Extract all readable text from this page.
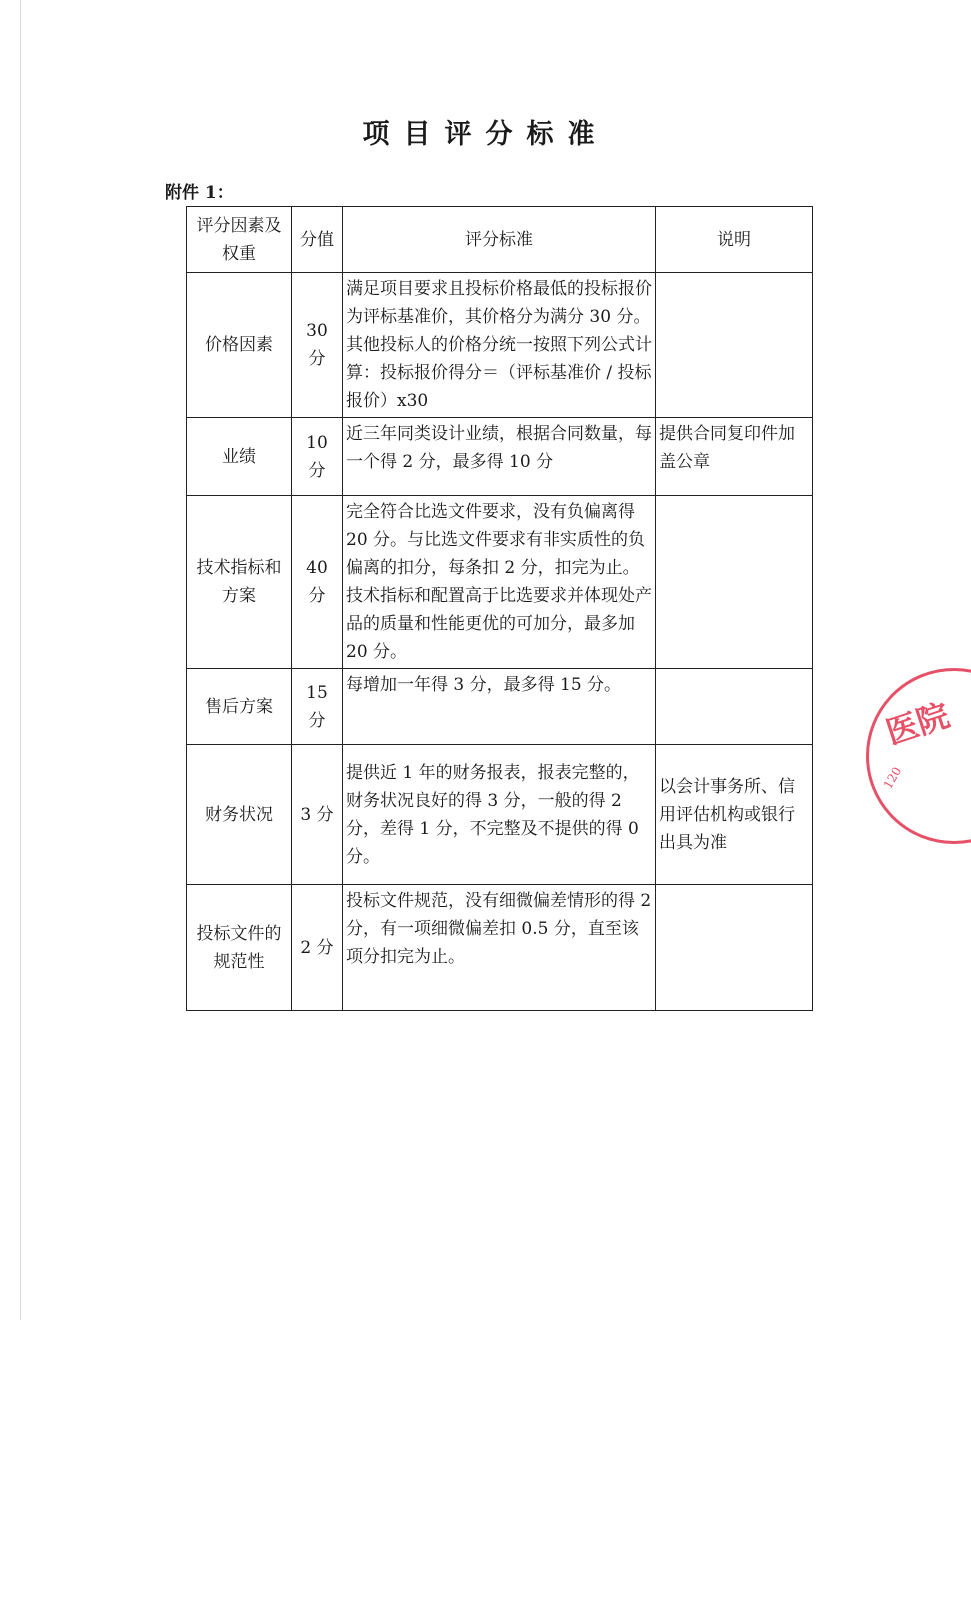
项目评分标准
附件 1：
评分因素及权重	分值	评分标准	说明
价格因素	30 分	满足项目要求且投标价格最低的投标报价为评标基准价，其价格分为满分 30 分。其他投标人的价格分统一按照下列公式计算：投标报价得分＝（评标基准价 / 投标报价）x30	
业绩	10 分	近三年同类设计业绩，根据合同数量，每一个得 2 分，最多得 10 分	提供合同复印件加盖公章
技术指标和方案	40 分	完全符合比选文件要求，没有负偏离得 20 分。与比选文件要求有非实质性的负偏离的扣分，每条扣 2 分，扣完为止。技术指标和配置高于比选要求并体现处产品的质量和性能更优的可加分，最多加 20 分。	
售后方案	15 分	每增加一年得 3 分，最多得 15 分。	
财务状况	3 分	提供近 1 年的财务报表，报表完整的，财务状况良好的得 3 分，一般的得 2 分，差得 1 分，不完整及不提供的得 0 分。	以会计事务所、信用评估机构或银行出具为准
投标文件的规范性	2 分	投标文件规范，没有细微偏差情形的得 2 分，有一项细微偏差扣 0.5 分，直至该项分扣完为止。	
医院
120
